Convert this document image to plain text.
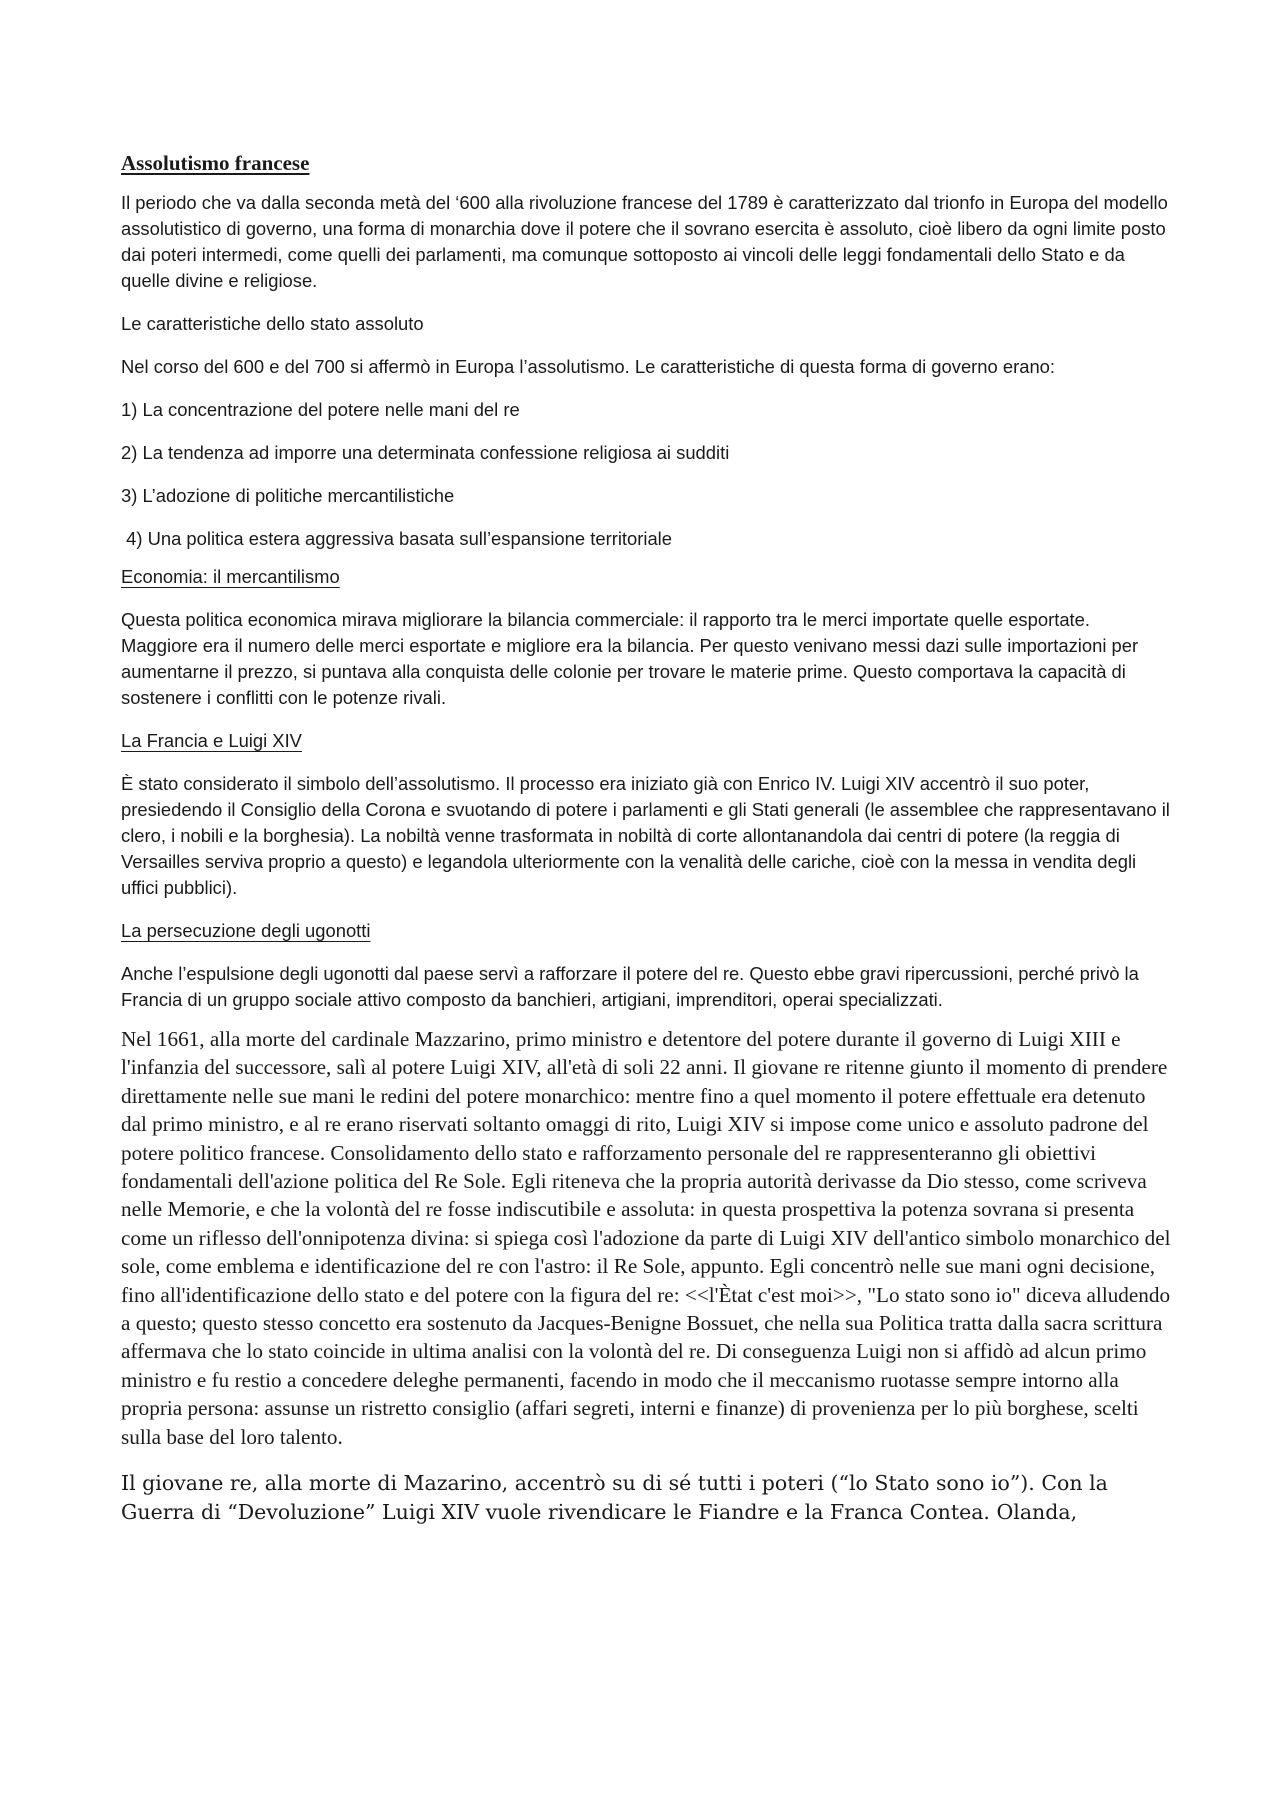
Assolutismo francese

Il periodo che va dalla seconda metà del ‘600 alla rivoluzione francese del 1789 è caratterizzato dal trionfo in Europa del modello assolutistico di governo, una forma di monarchia dove il potere che il sovrano esercita è assoluto, cioè libero da ogni limite posto dai poteri intermedi, come quelli dei parlamenti, ma comunque sottoposto ai vincoli delle leggi fondamentali dello Stato e da quelle divine e religiose.

Le caratteristiche dello stato assoluto

Nel corso del 600 e del 700 si affermò in Europa l’assolutismo. Le caratteristiche di questa forma di governo erano:

1) La concentrazione del potere nelle mani del re

2) La tendenza ad imporre una determinata confessione religiosa ai sudditi

3) L’adozione di politiche mercantilistiche

4) Una politica estera aggressiva basata sull’espansione territoriale

Economia: il mercantilismo

Questa politica economica mirava migliorare la bilancia commerciale: il rapporto tra le merci importate quelle esportate. Maggiore era il numero delle merci esportate e migliore era la bilancia. Per questo venivano messi dazi sulle importazioni per aumentarne il prezzo, si puntava alla conquista delle colonie per trovare le materie prime. Questo comportava la capacità di sostenere i conflitti con le potenze rivali.

La Francia e Luigi XIV

È stato considerato il simbolo dell’assolutismo. Il processo era iniziato già con Enrico IV. Luigi XIV accentrò il suo poter, presiedendo il Consiglio della Corona e svuotando di potere i parlamenti e gli Stati generali (le assemblee che rappresentavano il clero, i nobili e la borghesia). La nobiltà venne trasformata in nobiltà di corte allontanandola dai centri di potere (la reggia di Versailles serviva proprio a questo) e legandola ulteriormente con la venalità delle cariche, cioè con la messa in vendita degli uffici pubblici).

La persecuzione degli ugonotti

Anche l’espulsione degli ugonotti dal paese servì a rafforzare il potere del re. Questo ebbe gravi ripercussioni, perché privò la Francia di un gruppo sociale attivo composto da banchieri, artigiani, imprenditori, operai specializzati.

Nel 1661, alla morte del cardinale Mazzarino, primo ministro e detentore del potere durante il governo di Luigi XIII e l'infanzia del successore, salì al potere Luigi XIV, all'età di soli 22 anni. Il giovane re ritenne giunto il momento di prendere direttamente nelle sue mani le redini del potere monarchico: mentre fino a quel momento il potere effettuale era detenuto dal primo ministro, e al re erano riservati soltanto omaggi di rito, Luigi XIV si impose come unico e assoluto padrone del potere politico francese. Consolidamento dello stato e rafforzamento personale del re rappresenteranno gli obiettivi fondamentali dell'azione politica del Re Sole. Egli riteneva che la propria autorità derivasse da Dio stesso, come scriveva nelle Memorie, e che la volontà del re fosse indiscutibile e assoluta: in questa prospettiva la potenza sovrana si presenta come un riflesso dell'onnipotenza divina: si spiega così l'adozione da parte di Luigi XIV dell'antico simbolo monarchico del sole, come emblema e identificazione del re con l'astro: il Re Sole, appunto. Egli concentrò nelle sue mani ogni decisione, fino all'identificazione dello stato e del potere con la figura del re: <<l'Ètat c'est moi>>, "Lo stato sono io" diceva alludendo a questo; questo stesso concetto era sostenuto da Jacques-Benigne Bossuet, che nella sua Politica tratta dalla sacra scrittura affermava che lo stato coincide in ultima analisi con la volontà del re. Di conseguenza Luigi non si affidò ad alcun primo ministro e fu restio a concedere deleghe permanenti, facendo in modo che il meccanismo ruotasse sempre intorno alla propria persona: assunse un ristretto consiglio (affari segreti, interni e finanze) di provenienza per lo più borghese, scelti sulla base del loro talento.

Il giovane re, alla morte di Mazarino, accentrò su di sé tutti i poteri (“lo Stato sono io”). Con la Guerra di “Devoluzione” Luigi XIV vuole rivendicare le Fiandre e la Franca Contea. Olanda,
